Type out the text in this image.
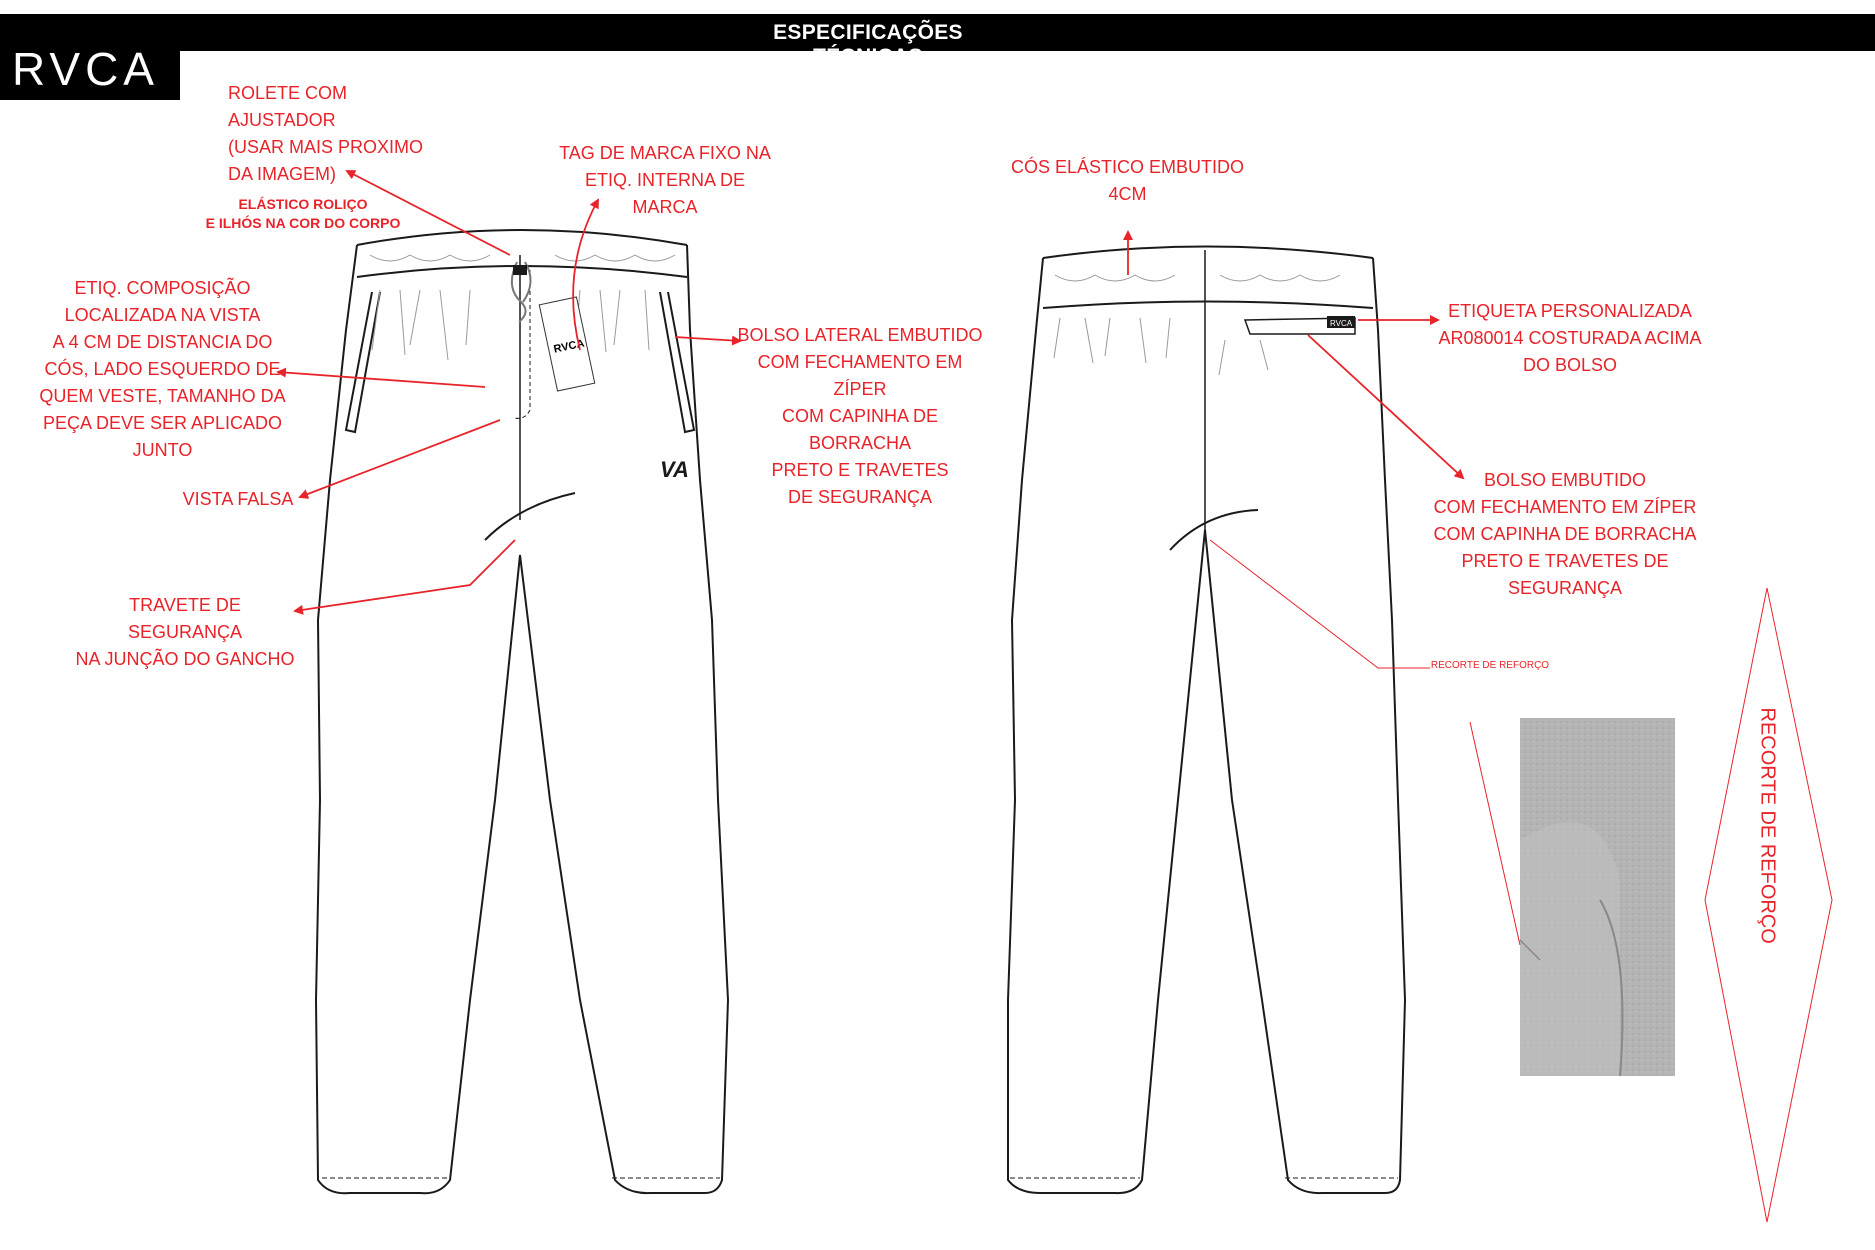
ESPECIFICAÇÕES TÉCNICAS
RVCA
RVCA
VA
RVCA
ROLETE COM
AJUSTADOR
(USAR MAIS PROXIMO
DA IMAGEM)
ELÁSTICO ROLIÇO
E ILHÓS NA COR DO CORPO
TAG DE MARCA FIXO NA
ETIQ. INTERNA DE MARCA
ETIQ. COMPOSIÇÃO
LOCALIZADA NA VISTA
A 4 CM DE DISTANCIA DO
CÓS, LADO ESQUERDO DE
QUEM VESTE, TAMANHO DA
PEÇA DEVE SER APLICADO JUNTO
VISTA FALSA
TRAVETE DE SEGURANÇA
NA JUNÇÃO DO GANCHO
BOLSO LATERAL EMBUTIDO
COM FECHAMENTO EM ZÍPER
COM CAPINHA DE BORRACHA
PRETO E TRAVETES
DE SEGURANÇA
CÓS ELÁSTICO EMBUTIDO
4CM
ETIQUETA PERSONALIZADA
AR080014 COSTURADA ACIMA
DO BOLSO
BOLSO EMBUTIDO
COM FECHAMENTO EM ZÍPER
COM CAPINHA DE BORRACHA
PRETO E TRAVETES DE SEGURANÇA
RECORTE DE REFORÇO
RECORTE DE REFORÇO
